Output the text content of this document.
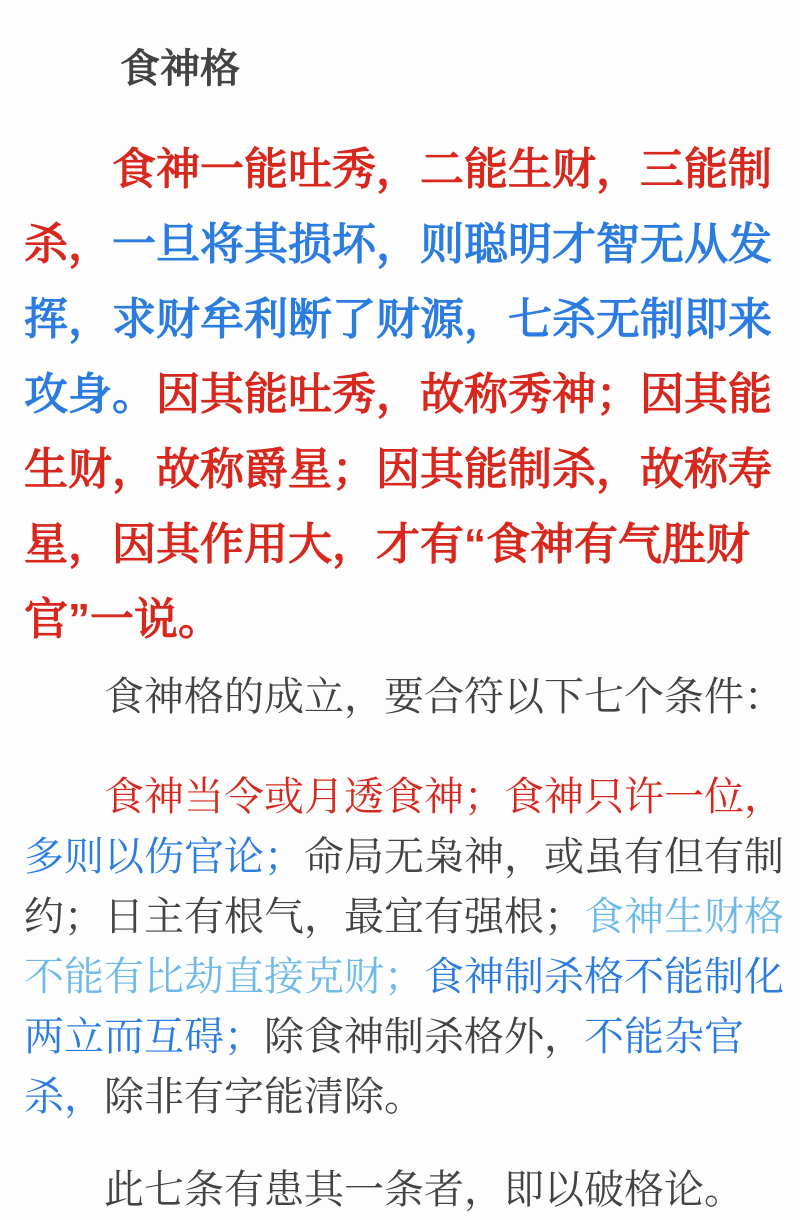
食神格
食神一能吐秀，二能生财，三能制
杀，一旦将其损坏，则聪明才智无从发
挥，求财牟利断了财源，七杀无制即来
攻身。因其能吐秀，故称秀神；因其能
生财，故称爵星；因其能制杀，故称寿
星，因其作用大，才有“食神有气胜财
官”一说。
食神格的成立，要合符以下七个条件：
食神当令或月透食神；食神只许一位，
多则以伤官论；命局无枭神，或虽有但有制
约；日主有根气，最宜有强根；食神生财格
不能有比劫直接克财；食神制杀格不能制化
两立而互碍；除食神制杀格外，不能杂官
杀，除非有字能清除。
此七条有患其一条者，即以破格论。
